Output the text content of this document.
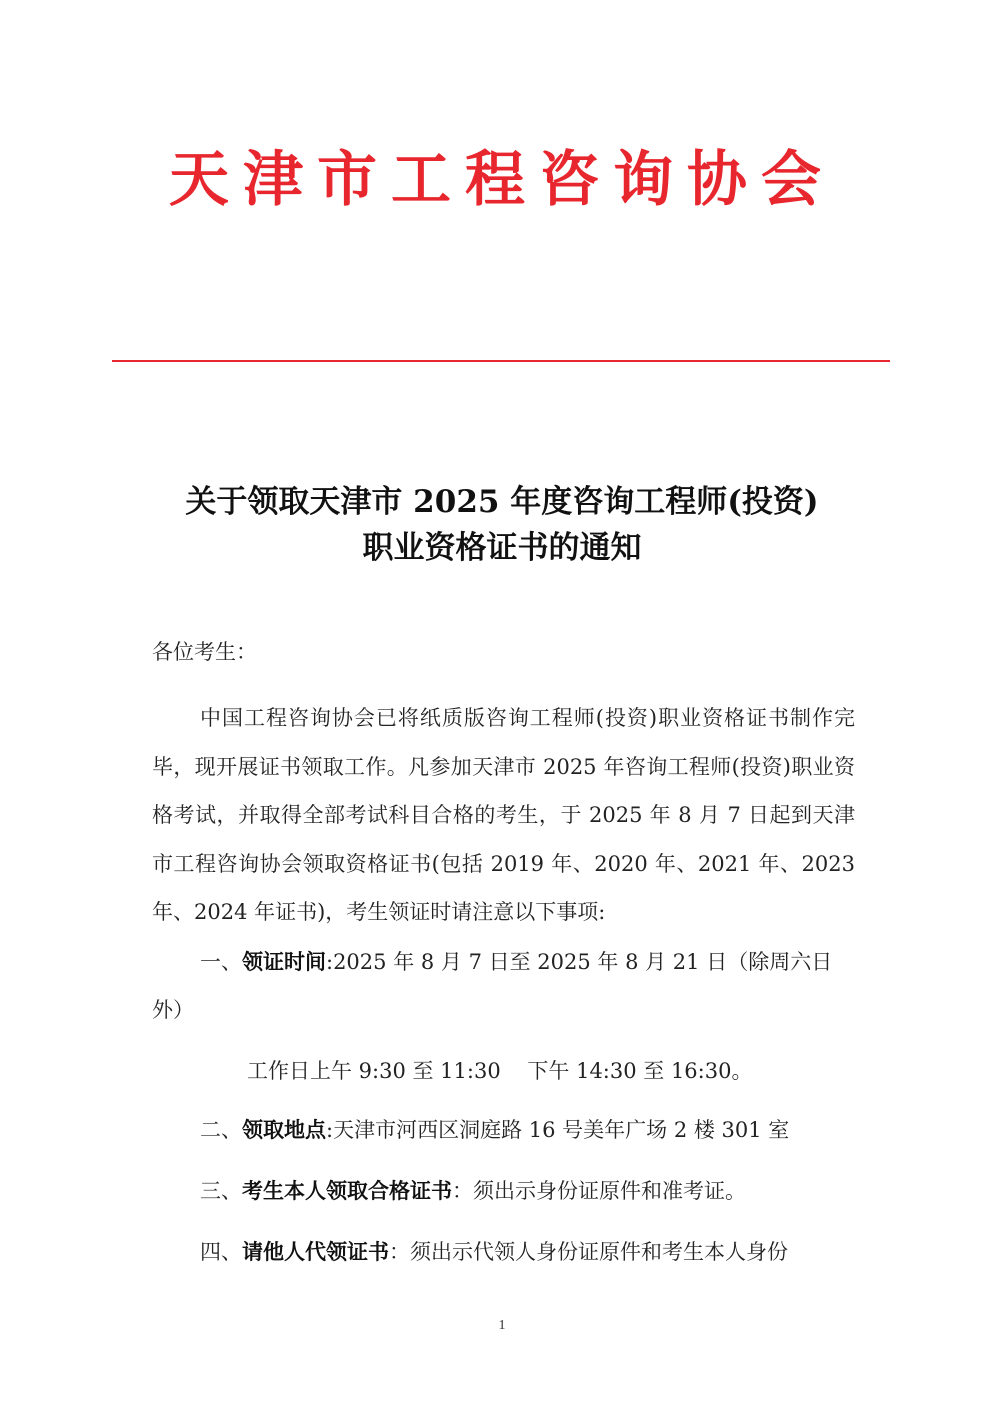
天津市工程咨询协会
关于领取天津市 2025 年度咨询工程师(投资)
职业资格证书的通知
各位考生：
中国工程咨询协会已将纸质版咨询工程师(投资)职业资格证书制作完毕，现开展证书领取工作。凡参加天津市 2025 年咨询工程师(投资)职业资格考试，并取得全部考试科目合格的考生，于 2025 年 8 月 7 日起到天津市工程咨询协会领取资格证书(包括 2019 年、2020 年、2021 年、2023 年、2024 年证书)，考生领证时请注意以下事项:
一、领证时间:2025 年 8 月 7 日至 2025 年 8 月 21 日（除周六日外）
工作日上午 9:30 至 11:30    下午 14:30 至 16:30。
二、领取地点:天津市河西区洞庭路 16 号美年广场 2 楼 301 室
三、考生本人领取合格证书：须出示身份证原件和准考证。
四、请他人代领证书：须出示代领人身份证原件和考生本人身份
1
